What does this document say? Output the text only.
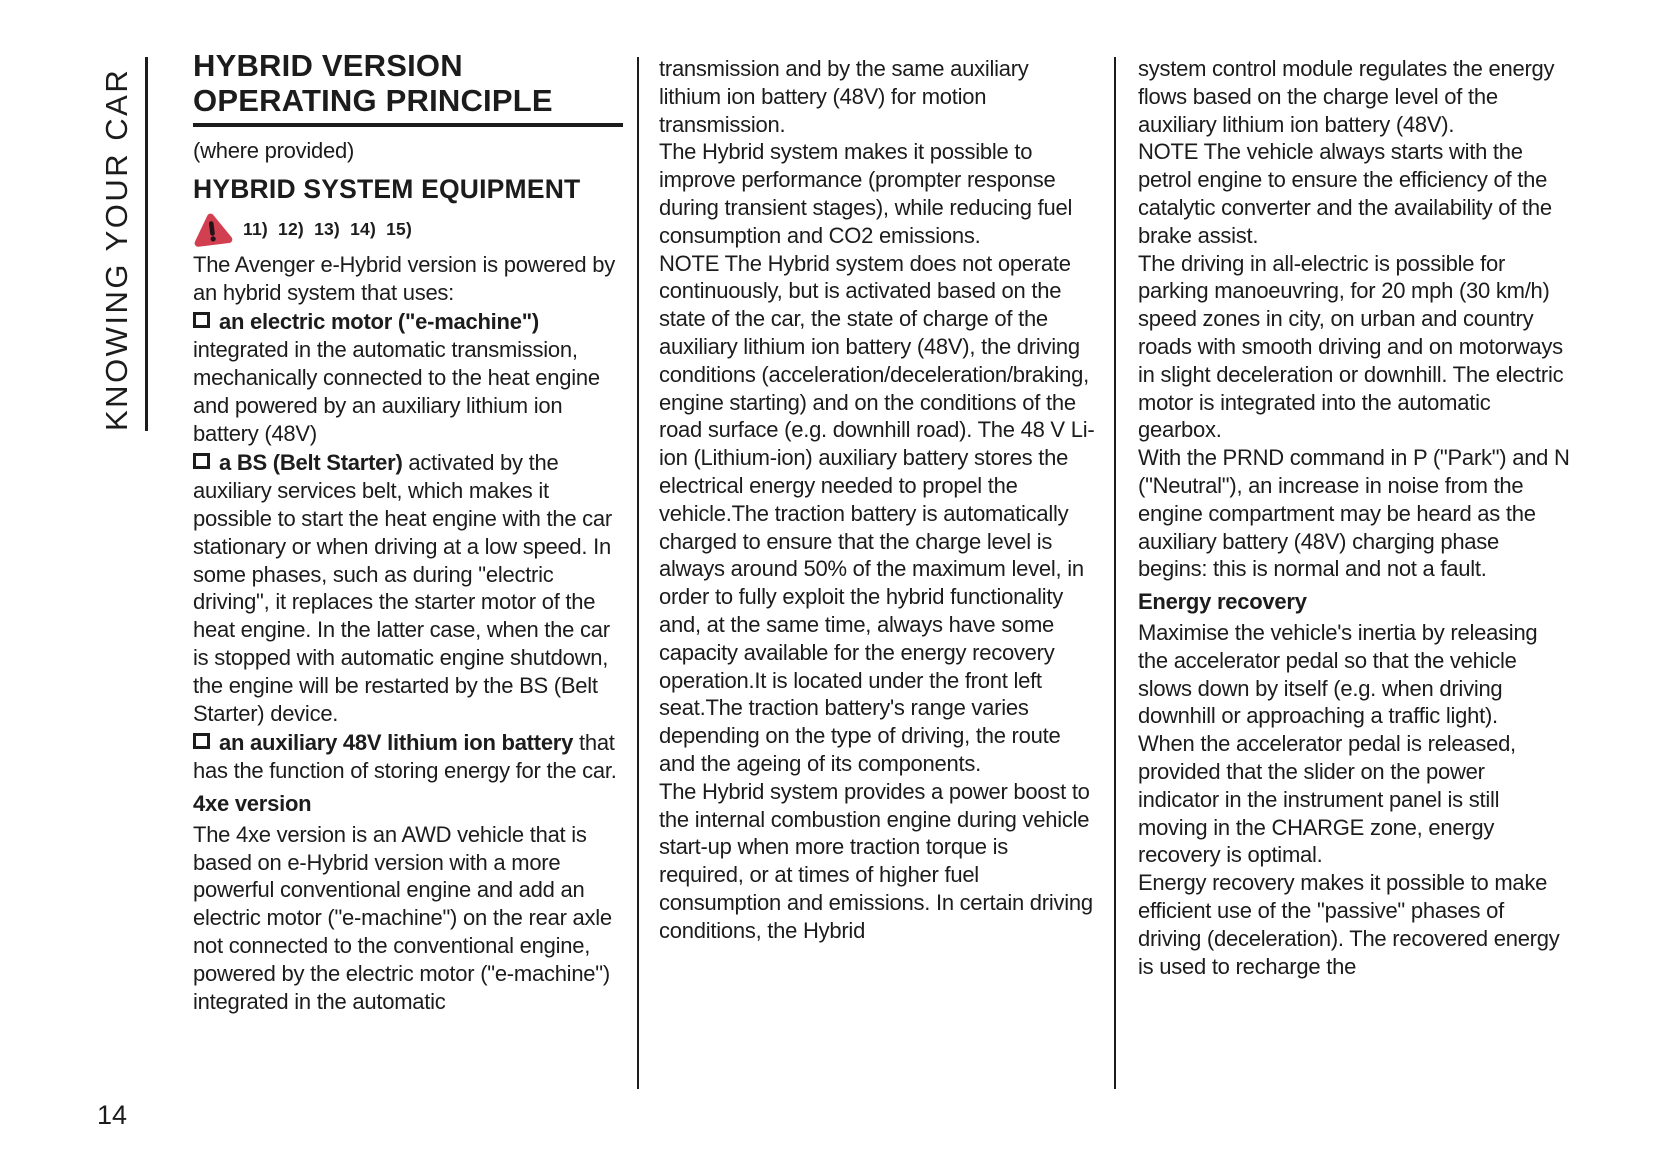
KNOWING YOUR CAR
HYBRID VERSION
OPERATING PRINCIPLE

(where provided)

HYBRID SYSTEM EQUIPMENT
11)  12)  13)  14)  15)

The Avenger e-Hybrid version is powered by an hybrid system that uses:

an electric motor ("e-machine") integrated in the automatic transmission, mechanically connected to the heat engine and powered by an auxiliary lithium ion battery (48V)

a BS (Belt Starter) activated by the auxiliary services belt, which makes it possible to start the heat engine with the car stationary or when driving at a low speed. In some phases, such as during "electric driving", it replaces the starter motor of the heat engine. In the latter case, when the car is stopped with automatic engine shutdown, the engine will be restarted by the BS (Belt Starter) device.

an auxiliary 48V lithium ion battery that has the function of storing energy for the car.

4xe version

The 4xe version is an AWD vehicle that is based on e-Hybrid version with a more powerful conventional engine and add an electric motor ("e-machine") on the rear axle not connected to the conventional engine, powered by the electric motor ("e-machine") integrated in the automatic

transmission and by the same auxiliary lithium ion battery (48V) for motion transmission.

The Hybrid system makes it possible to improve performance (prompter response during transient stages), while reducing fuel consumption and CO2 emissions.

NOTE The Hybrid system does not operate continuously, but is activated based on the state of the car, the state of charge of the auxiliary lithium ion battery (48V), the driving conditions (acceleration/deceleration/braking, engine starting) and on the conditions of the road surface (e.g. downhill road). The 48 V Li-ion (Lithium-ion) auxiliary battery stores the electrical energy needed to propel the vehicle.The traction battery is automatically charged to ensure that the charge level is always around 50% of the maximum level, in order to fully exploit the hybrid functionality and, at the same time, always have some capacity available for the energy recovery operation.It is located under the front left seat.The traction battery's range varies depending on the type of driving, the route and the ageing of its components.

The Hybrid system provides a power boost to the internal combustion engine during vehicle start-up when more traction torque is required, or at times of higher fuel consumption and emissions. In certain driving conditions, the Hybrid

system control module regulates the energy flows based on the charge level of the auxiliary lithium ion battery (48V).

NOTE The vehicle always starts with the petrol engine to ensure the efficiency of the catalytic converter and the availability of the brake assist.

The driving in all-electric is possible for parking manoeuvring, for 20 mph (30 km/h) speed zones in city, on urban and country roads with smooth driving and on motorways in slight deceleration or downhill. The electric motor is integrated into the automatic gearbox.

With the PRND command in P ("Park") and N ("Neutral"), an increase in noise from the engine compartment may be heard as the auxiliary battery (48V) charging phase begins: this is normal and not a fault.

Energy recovery

Maximise the vehicle's inertia by releasing the accelerator pedal so that the vehicle slows down by itself (e.g. when driving downhill or approaching a traffic light).

When the accelerator pedal is released, provided that the slider on the power indicator in the instrument panel is still moving in the CHARGE zone, energy recovery is optimal.

Energy recovery makes it possible to make efficient use of the "passive" phases of driving (deceleration). The recovered energy is used to recharge the

14
